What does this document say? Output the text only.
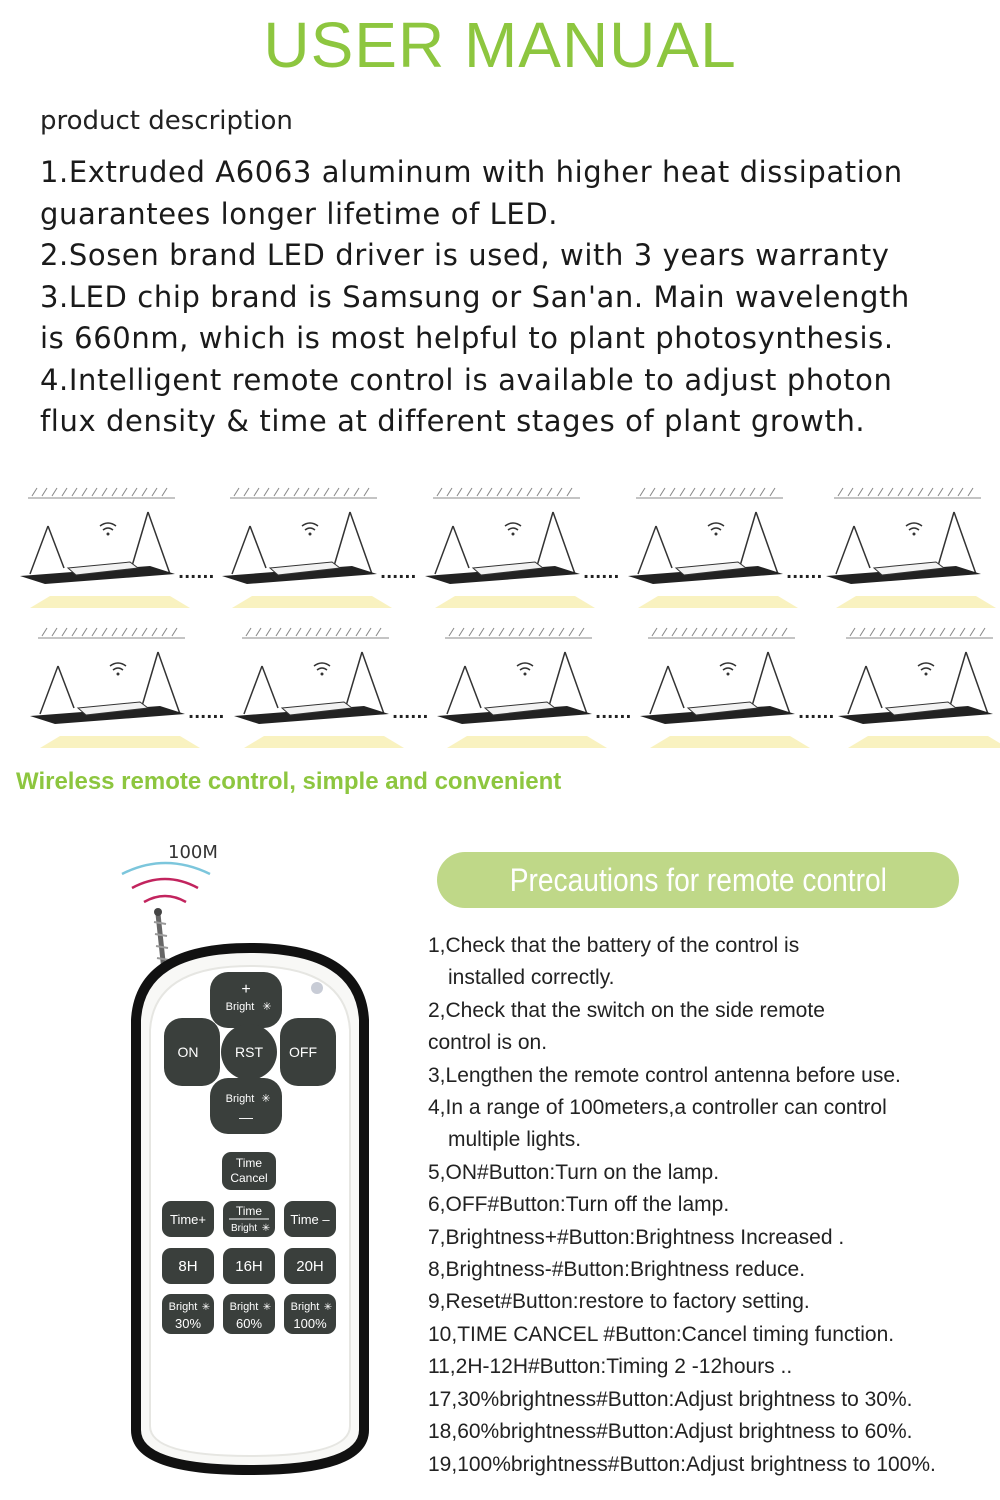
USER MANUAL
product description

1.Extruded A6063 aluminum with higher heat dissipation

guarantees longer lifetime of LED.

2.Sosen brand LED driver is used, with 3 years warranty

3.LED chip brand is Samsung or San'an. Main wavelength

is 660nm, which is most helpful to plant photosynthesis.

4.Intelligent remote control is available to adjust photon

flux density & time at different stages of plant growth.

......	......	......	......
......	......	......	......
Wireless remote control, simple and convenient
100M
+
Bright ✳
ON	RST OFF
Bright ✳
—
Time
Cancel
Time+
Time
Bright ✳
Time –
8H	16H 20H
Bright ✳
30%
Bright ✳
60%
Bright ✳
100%
Precautions for remote control

1,Check that the battery of the control is

installed correctly.

2,Check that the switch on the side remote

control is on.

3,Lengthen the remote control antenna before use.

4,In a range of 100meters,a controller can control

multiple lights.

5,ON#Button:Turn on the lamp.

6,OFF#Button:Turn off the lamp.

7,Brightness+#Button:Brightness Increased .

8,Brightness-#Button:Brightness reduce.

9,Reset#Button:restore to factory setting.

10,TIME CANCEL #Button:Cancel timing function.

11,2H-12H#Button:Timing 2 -12hours ..

17,30%brightness#Button:Adjust brightness to 30%.

18,60%brightness#Button:Adjust brightness to 60%.

19,100%brightness#Button:Adjust brightness to 100%.
